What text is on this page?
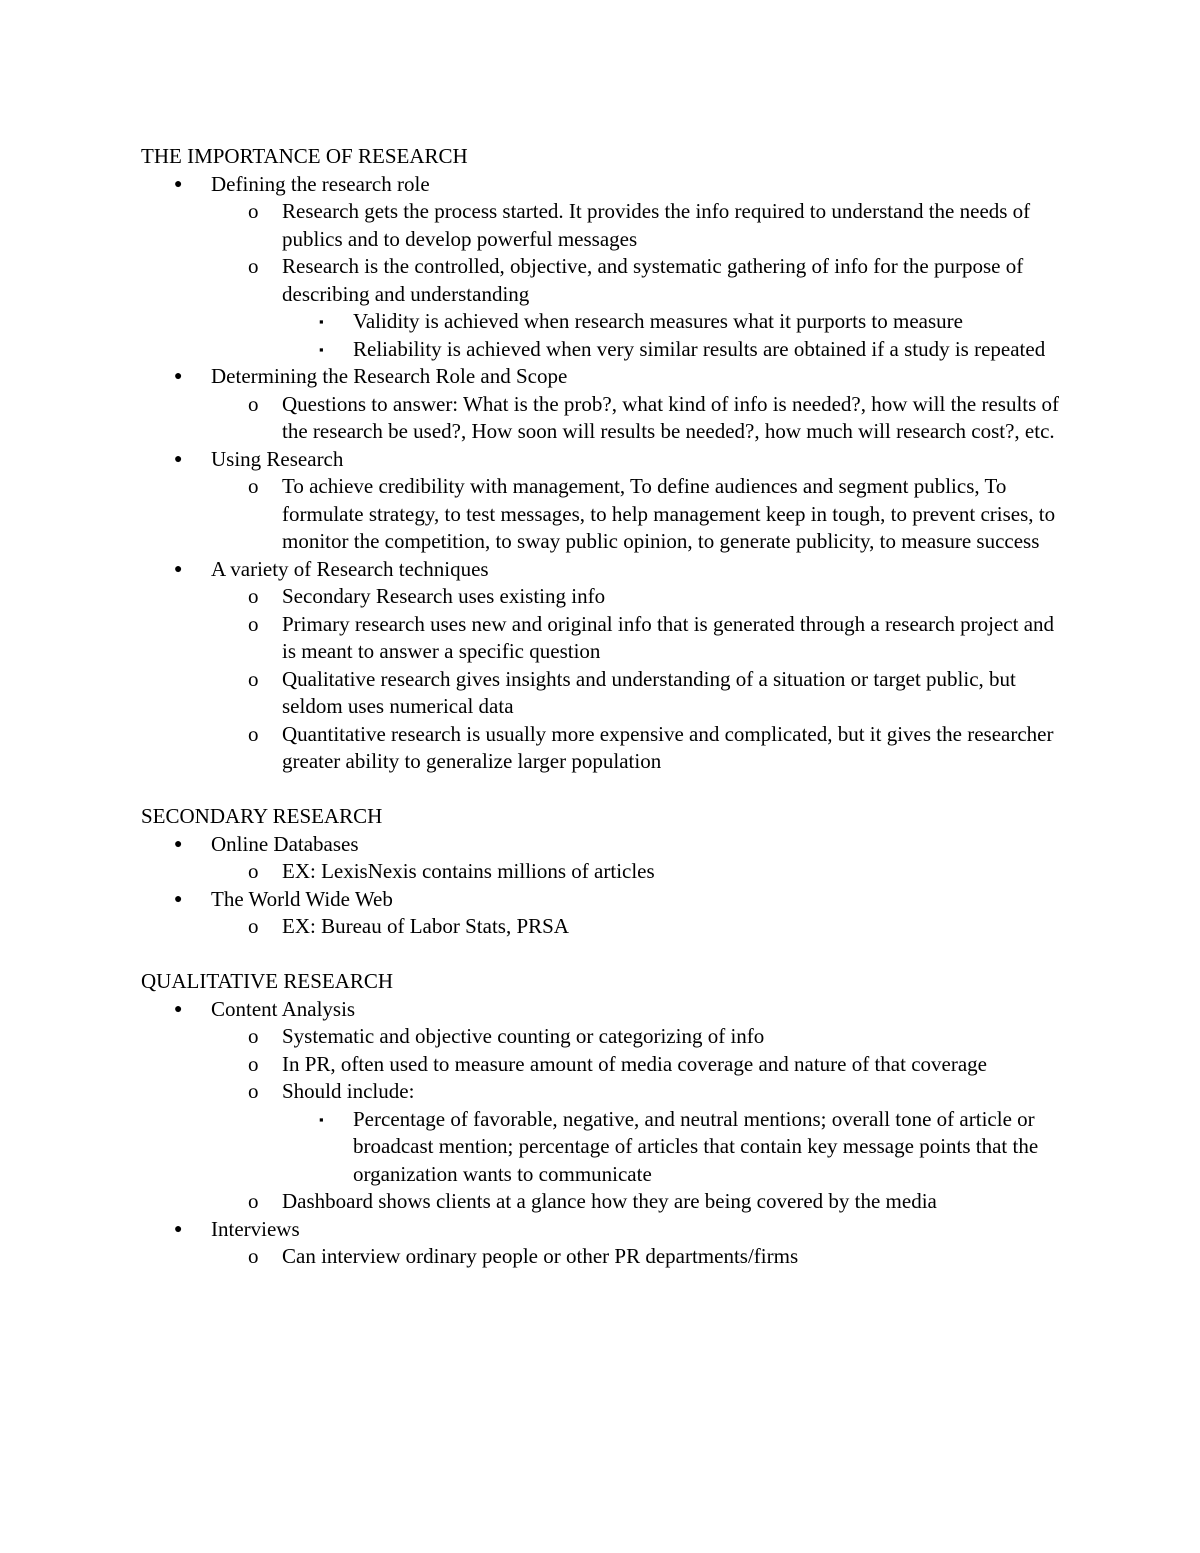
THE IMPORTANCE OF RESEARCH
● Defining the research role
o Research gets the process started. It provides the info required to understand the needs of publics and to develop powerful messages
o Research is the controlled, objective, and systematic gathering of info for the purpose of describing and understanding
▪ Validity is achieved when research measures what it purports to measure
▪ Reliability is achieved when very similar results are obtained if a study is repeated
● Determining the Research Role and Scope
o Questions to answer: What is the prob?, what kind of info is needed?, how will the results of the research be used?, How soon will results be needed?, how much will research cost?, etc.
● Using Research
o To achieve credibility with management, To define audiences and segment publics, To formulate strategy, to test messages, to help management keep in tough, to prevent crises, to monitor the competition, to sway public opinion, to generate publicity, to measure success
● A variety of Research techniques
o Secondary Research uses existing info
o Primary research uses new and original info that is generated through a research project and is meant to answer a specific question
o Qualitative research gives insights and understanding of a situation or target public, but seldom uses numerical data
o Quantitative research is usually more expensive and complicated, but it gives the researcher greater ability to generalize larger population
SECONDARY RESEARCH
● Online Databases
o EX: LexisNexis contains millions of articles
● The World Wide Web
o EX: Bureau of Labor Stats, PRSA
QUALITATIVE RESEARCH
● Content Analysis
o Systematic and objective counting or categorizing of info
o In PR, often used to measure amount of media coverage and nature of that coverage
o Should include:
▪ Percentage of favorable, negative, and neutral mentions; overall tone of article or broadcast mention; percentage of articles that contain key message points that the organization wants to communicate
o Dashboard shows clients at a glance how they are being covered by the media
● Interviews
o Can interview ordinary people or other PR departments/firms
